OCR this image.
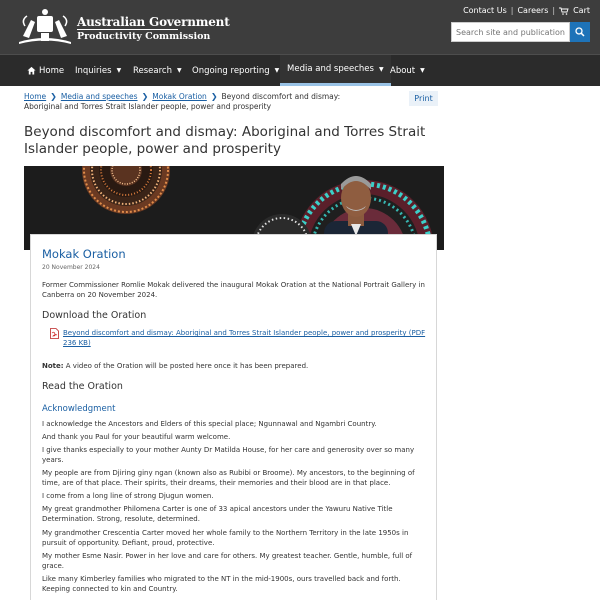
Australian Government
Productivity Commission
Contact Us | Careers | Cart
Search site and publications
Home Inquiries ▼ Research ▼ Ongoing reporting ▼ Media and speeches ▼ About ▼
Home ❯ Media and speeches ❯ Mokak Oration ❯ Beyond discomfort and dismay: Aboriginal and Torres Strait Islander people, power and prosperity
Print
Beyond discomfort and dismay: Aboriginal and Torres Strait Islander people, power and prosperity
Mokak Oration
20 November 2024
Former Commissioner Romlie Mokak delivered the inaugural Mokak Oration at the National Portrait Gallery in Canberra on 20 November 2024.
Download the Oration
Beyond discomfort and dismay: Aboriginal and Torres Strait Islander people, power and prosperity (PDF 236 KB)
Note: A video of the Oration will be posted here once it has been prepared.
Read the Oration
Acknowledgment
I acknowledge the Ancestors and Elders of this special place; Ngunnawal and Ngambri Country.
And thank you Paul for your beautiful warm welcome.
I give thanks especially to your mother Aunty Dr Matilda House, for her care and generosity over so many years.
My people are from Djiring giny ngan (known also as Rubibi or Broome). My ancestors, to the beginning of time, are of that place. Their spirits, their dreams, their memories and their blood are in that place.
I come from a long line of strong Djugun women.
My great grandmother Philomena Carter is one of 33 apical ancestors under the Yawuru Native Title Determination. Strong, resolute, determined.
My grandmother Crescentia Carter moved her whole family to the Northern Territory in the late 1950s in pursuit of opportunity. Defiant, proud, protective.
My mother Esme Nasir. Power in her love and care for others. My greatest teacher. Gentle, humble, full of grace.
Like many Kimberley families who migrated to the NT in the mid-1900s, ours travelled back and forth. Keeping connected to kin and Country.
